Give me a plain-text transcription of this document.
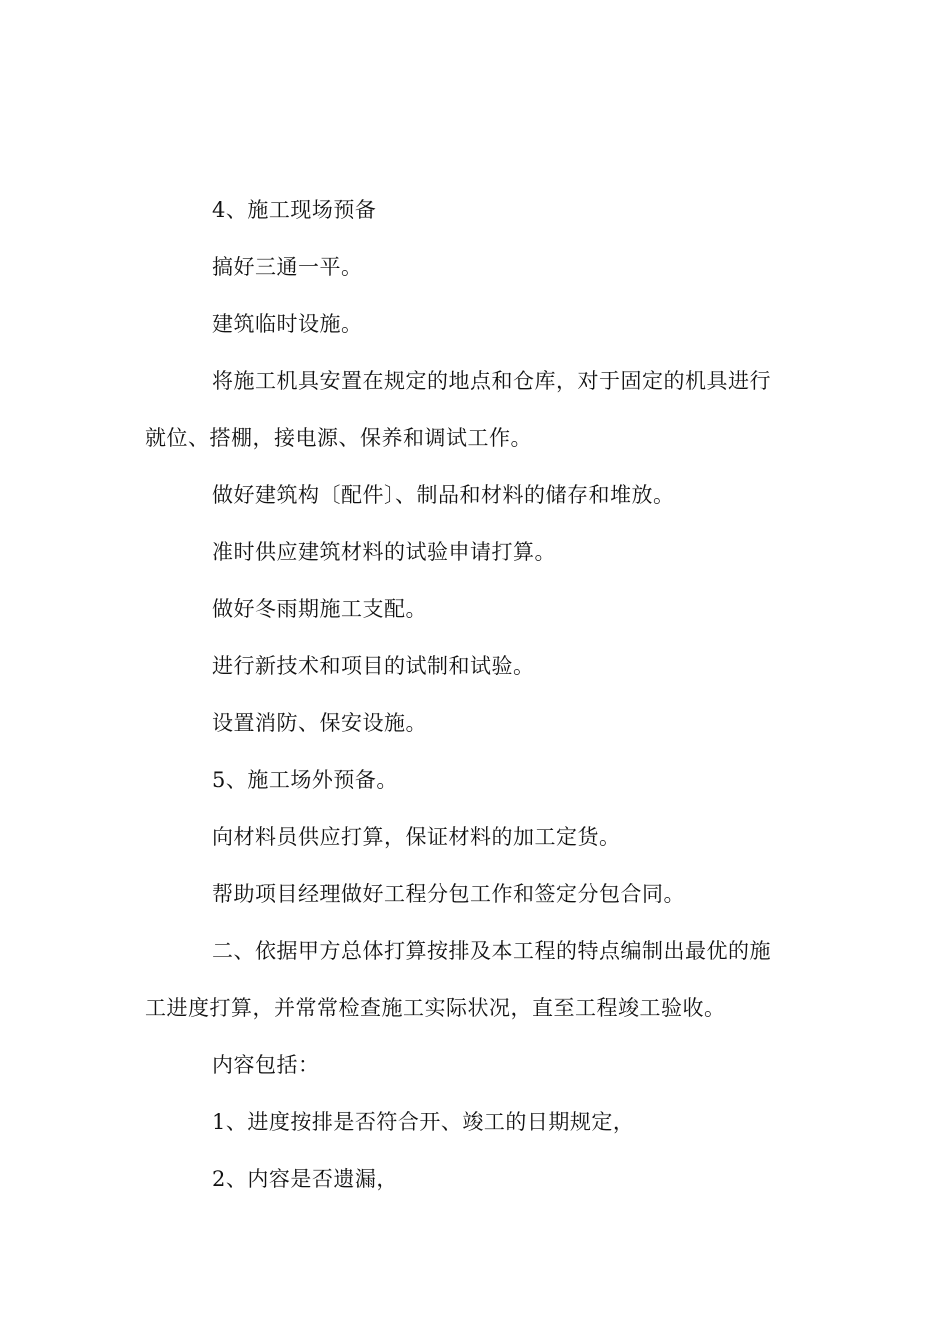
4、施工现场预备
搞好三通一平。
建筑临时设施。
将施工机具安置在规定的地点和仓库，对于固定的机具进行
就位、搭棚，接电源、保养和调试工作。
做好建筑构〔配件〕、制品和材料的储存和堆放。
准时供应建筑材料的试验申请打算。
做好冬雨期施工支配。
进行新技术和项目的试制和试验。
设置消防、保安设施。
5、施工场外预备。
向材料员供应打算，保证材料的加工定货。
帮助项目经理做好工程分包工作和签定分包合同。
二、依据甲方总体打算按排及本工程的特点编制出最优的施
工进度打算，并常常检查施工实际状况，直至工程竣工验收。
内容包括：
1、进度按排是否符合开、竣工的日期规定，
2、内容是否遗漏，
